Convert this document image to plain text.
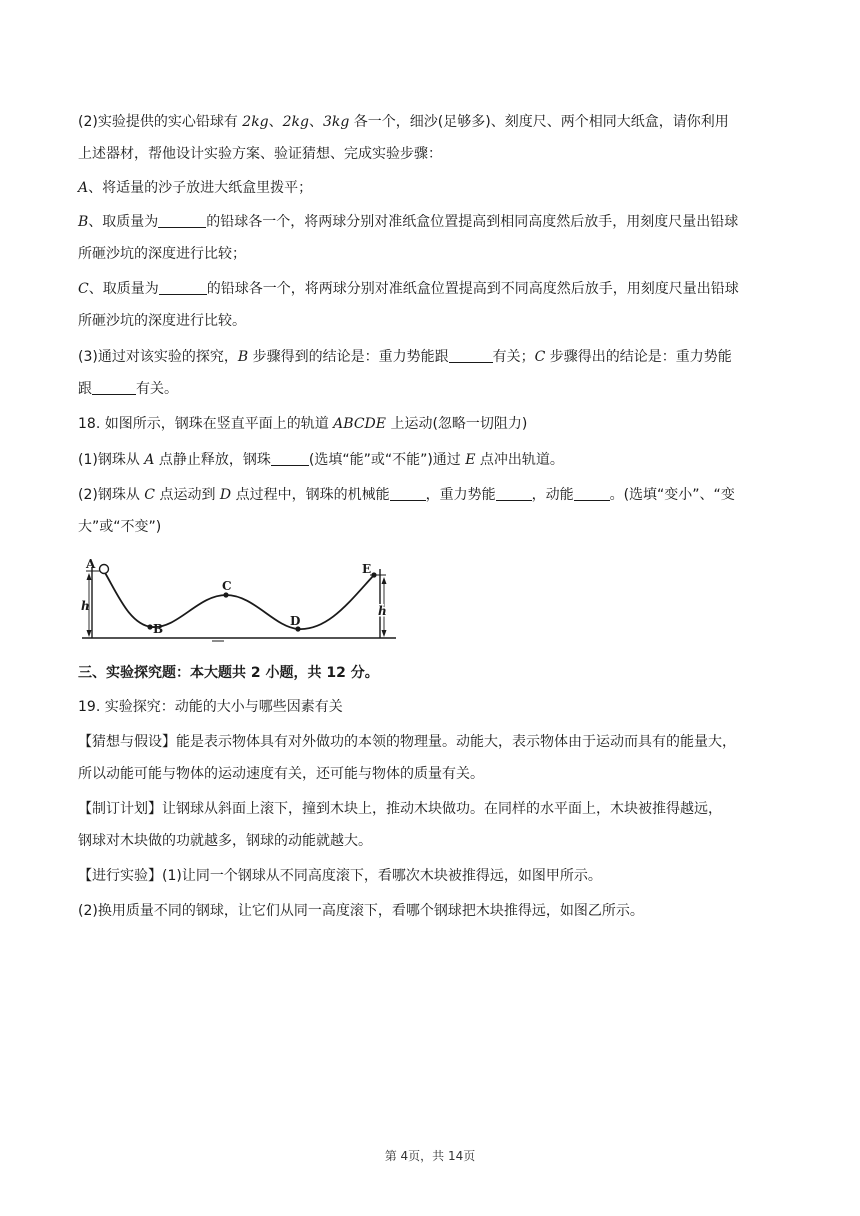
(2)实验提供的实心铅球有 2kg、2kg、3kg 各一个，细沙(足够多)、刻度尺、两个相同大纸盒，请你利用
上述器材，帮他设计实验方案、验证猜想、完成实验步骤：
A、将适量的沙子放进大纸盒里拨平；
B、取质量为	的铅球各一个，将两球分别对准纸盒位置提高到相同高度然后放手，用刻度尺量出铅球
所砸沙坑的深度进行比较；
C、取质量为	的铅球各一个，将两球分别对准纸盒位置提高到不同高度然后放手，用刻度尺量出铅球
所砸沙坑的深度进行比较。
(3)通过对该实验的探究，B 步骤得到的结论是：重力势能跟	有关；C 步骤得出的结论是：重力势能
跟	有关。
18. 如图所示，钢珠在竖直平面上的轨道 ABCDE 上运动(忽略一切阻力)
(1)钢珠从 A 点静止释放，钢珠	(选填“能”或“不能”)通过 E 点冲出轨道。
(2)钢珠从 C 点运动到 D 点过程中，钢珠的机械能	，重力势能	，动能	。(选填“变小”、“变
大”或“不变”)
A
B
C
D
E
h	h
三、实验探究题：本大题共 2 小题，共 12 分。
19. 实验探究：动能的大小与哪些因素有关
【猜想与假设】能是表示物体具有对外做功的本领的物理量。动能大，表示物体由于运动而具有的能量大，
所以动能可能与物体的运动速度有关，还可能与物体的质量有关。
【制订计划】让钢球从斜面上滚下，撞到木块上，推动木块做功。在同样的水平面上，木块被推得越远，
钢球对木块做的功就越多，钢球的动能就越大。
【进行实验】(1)让同一个钢球从不同高度滚下，看哪次木块被推得远，如图甲所示。
(2)换用质量不同的钢球，让它们从同一高度滚下，看哪个钢球把木块推得远，如图乙所示。
第 4页，共 14页
